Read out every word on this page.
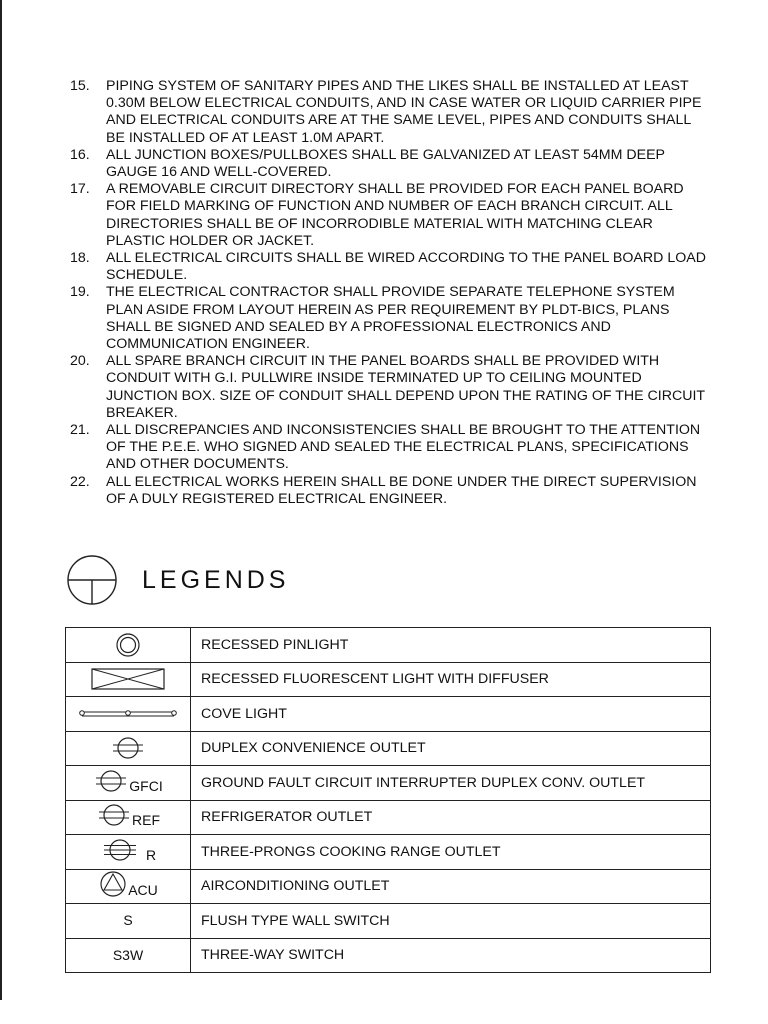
15.	PIPING SYSTEM OF SANITARY PIPES AND THE LIKES SHALL BE INSTALLED AT LEAST 0.30M BELOW ELECTRICAL CONDUITS, AND IN CASE WATER OR LIQUID CARRIER PIPE AND ELECTRICAL CONDUITS ARE AT THE SAME LEVEL, PIPES AND CONDUITS SHALL BE INSTALLED OF AT LEAST 1.0M APART.
16.	ALL JUNCTION BOXES/PULLBOXES SHALL BE GALVANIZED AT LEAST 54MM DEEP GAUGE 16 AND WELL-COVERED.
17.	A REMOVABLE CIRCUIT DIRECTORY SHALL BE PROVIDED FOR EACH PANEL BOARD FOR FIELD MARKING OF FUNCTION AND NUMBER OF EACH BRANCH CIRCUIT. ALL DIRECTORIES SHALL BE OF INCORRODIBLE MATERIAL WITH MATCHING CLEAR PLASTIC HOLDER OR JACKET.
18.	ALL ELECTRICAL CIRCUITS SHALL BE WIRED ACCORDING TO THE PANEL BOARD LOAD SCHEDULE.
19.	THE ELECTRICAL CONTRACTOR SHALL PROVIDE SEPARATE TELEPHONE SYSTEM PLAN ASIDE FROM LAYOUT HEREIN AS PER REQUIREMENT BY PLDT-BICS, PLANS SHALL BE SIGNED AND SEALED BY A PROFESSIONAL ELECTRONICS AND COMMUNICATION ENGINEER.
20.	ALL SPARE BRANCH CIRCUIT IN THE PANEL BOARDS SHALL BE PROVIDED WITH CONDUIT WITH G.I. PULLWIRE INSIDE TERMINATED UP TO CEILING MOUNTED JUNCTION BOX. SIZE OF CONDUIT SHALL DEPEND UPON THE RATING OF THE CIRCUIT BREAKER.
21.	ALL DISCREPANCIES AND INCONSISTENCIES SHALL BE BROUGHT TO THE ATTENTION OF THE P.E.E. WHO SIGNED AND SEALED THE ELECTRICAL PLANS, SPECIFICATIONS AND OTHER DOCUMENTS.
22.	ALL ELECTRICAL WORKS HEREIN SHALL BE DONE UNDER THE DIRECT SUPERVISION OF A DULY REGISTERED ELECTRICAL ENGINEER.
LEGENDS
	RECESSED PINLIGHT
	RECESSED FLUORESCENT LIGHT WITH DIFFUSER
	COVE LIGHT
	DUPLEX CONVENIENCE OUTLET

GFCI	GROUND FAULT CIRCUIT INTERRUPTER DUPLEX CONV. OUTLET

REF	REFRIGERATOR OUTLET

R	THREE-PRONGS COOKING RANGE OUTLET

ACU	AIRCONDITIONING OUTLET
S	FLUSH TYPE WALL SWITCH
S3W	THREE-WAY SWITCH
